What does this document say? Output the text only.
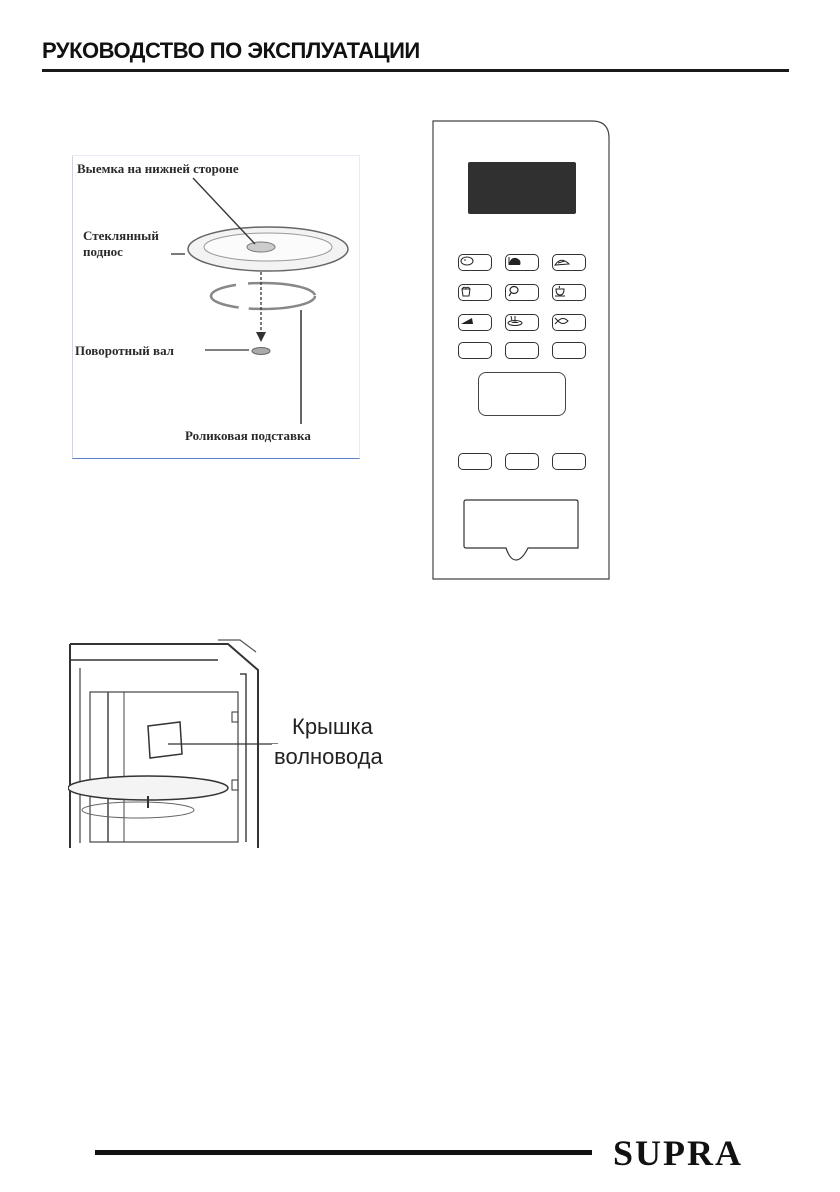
РУКОВОДСТВО ПО ЭКСПЛУАТАЦИИ
Выемка на нижней стороне
Стеклянный
поднос
Поворотный вал
Роликовая подставка
Крышка
волновода
SUPRA
